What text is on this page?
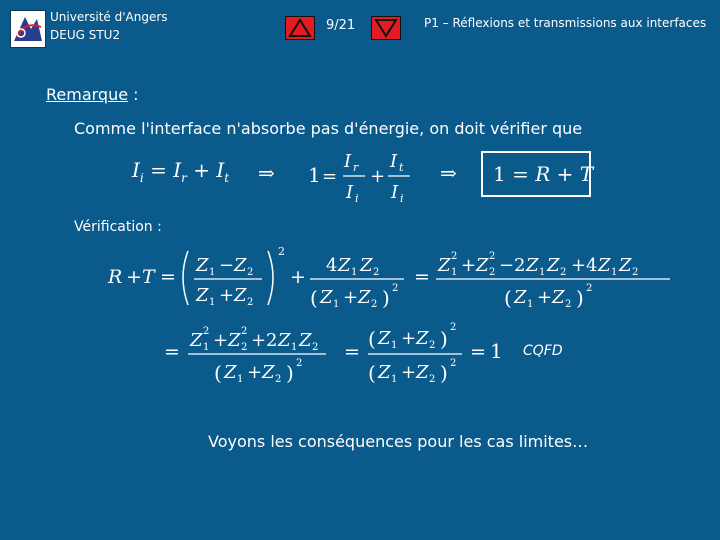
Université d'Angers
DEUG STU2
9/21	P1 – Réflexions et transmissions aux interfaces
Remarque :
Comme l'interface n'absorbe pas d'énergie, on doit vérifier que
$I_i = I_r + I_t$ ⇒ 1 =
I r
I i
+
I t
I i
⇒ 1 = R + T
Vérification :
R + T =
Z 1 − Z 2
Z 1 + Z 2
2
+
4 Z 1 Z 2
( Z 1 + Z 2 ) 2
=
Z 1
2 + Z 2
2 − 2 Z 1 Z 2 + 4 Z 1 Z 2
( Z 1 + Z 2 ) 2
=
Z 1
2 + Z 2
2 + 2 Z 1 Z 2
( Z 1 + Z 2 ) 2
=
( Z 1 + Z 2 ) 2
( Z 1 + Z 2 ) 2
= 1 CQFD
Voyons les conséquences pour les cas limites…
